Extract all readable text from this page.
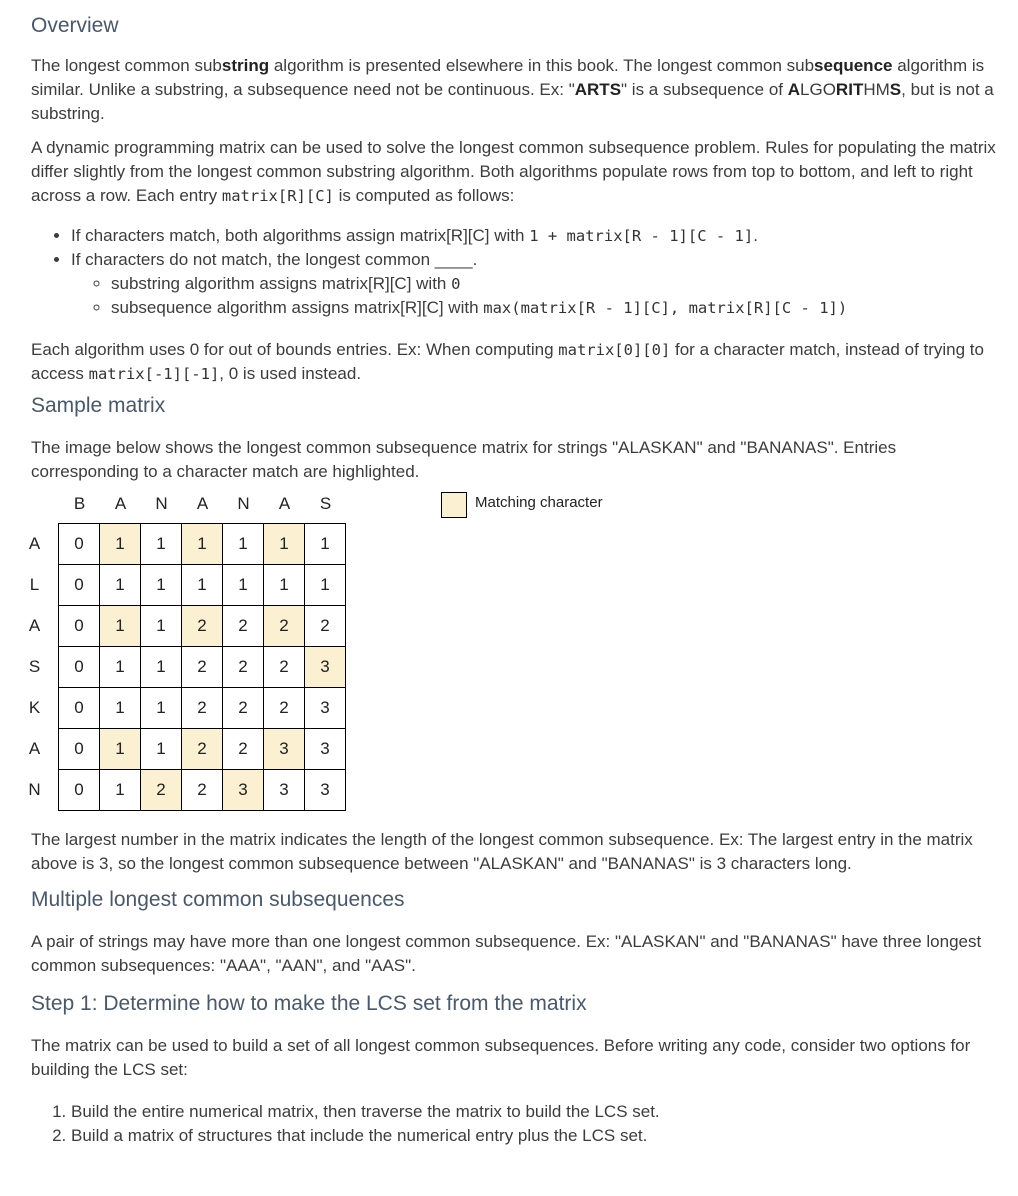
Overview

The longest common substring algorithm is presented elsewhere in this book. The longest common subsequence algorithm is similar. Unlike a substring, a subsequence need not be continuous. Ex: "ARTS" is a subsequence of ALGORITHMS, but is not a substring.

A dynamic programming matrix can be used to solve the longest common subsequence problem. Rules for populating the matrix differ slightly from the longest common substring algorithm. Both algorithms populate rows from top to bottom, and left to right across a row. Each entry matrix[R][C] is computed as follows:

• If characters match, both algorithms assign matrix[R][C] with 1 + matrix[R - 1][C - 1].
• If characters do not match, the longest common ____.
◦ substring algorithm assigns matrix[R][C] with 0
◦ subsequence algorithm assigns matrix[R][C] with max(matrix[R - 1][C], matrix[R][C - 1])

Each algorithm uses 0 for out of bounds entries. Ex: When computing matrix[0][0] for a character match, instead of trying to access matrix[-1][-1], 0 is used instead.

Sample matrix

The image below shows the longest common subsequence matrix for strings "ALASKAN" and "BANANAS". Entries corresponding to a character match are highlighted.

Matching character
B	A	N	A	N	A	S
A	0	1	1	1	1	1	1
L	0	1	1	1	1	1	1
A	0	1	1	2	2	2	2
S	0	1	1	2	2	2	3
K	0	1	1	2	2	2	3
A	0	1	1	2	2	3	3
N	0	1	2	2	3	3	3

The largest number in the matrix indicates the length of the longest common subsequence. Ex: The largest entry in the matrix above is 3, so the longest common subsequence between "ALASKAN" and "BANANAS" is 3 characters long.

Multiple longest common subsequences

A pair of strings may have more than one longest common subsequence. Ex: "ALASKAN" and "BANANAS" have three longest common subsequences: "AAA", "AAN", and "AAS".

Step 1: Determine how to make the LCS set from the matrix

The matrix can be used to build a set of all longest common subsequences. Before writing any code, consider two options for building the LCS set:

1. Build the entire numerical matrix, then traverse the matrix to build the LCS set.
2. Build a matrix of structures that include the numerical entry plus the LCS set.
